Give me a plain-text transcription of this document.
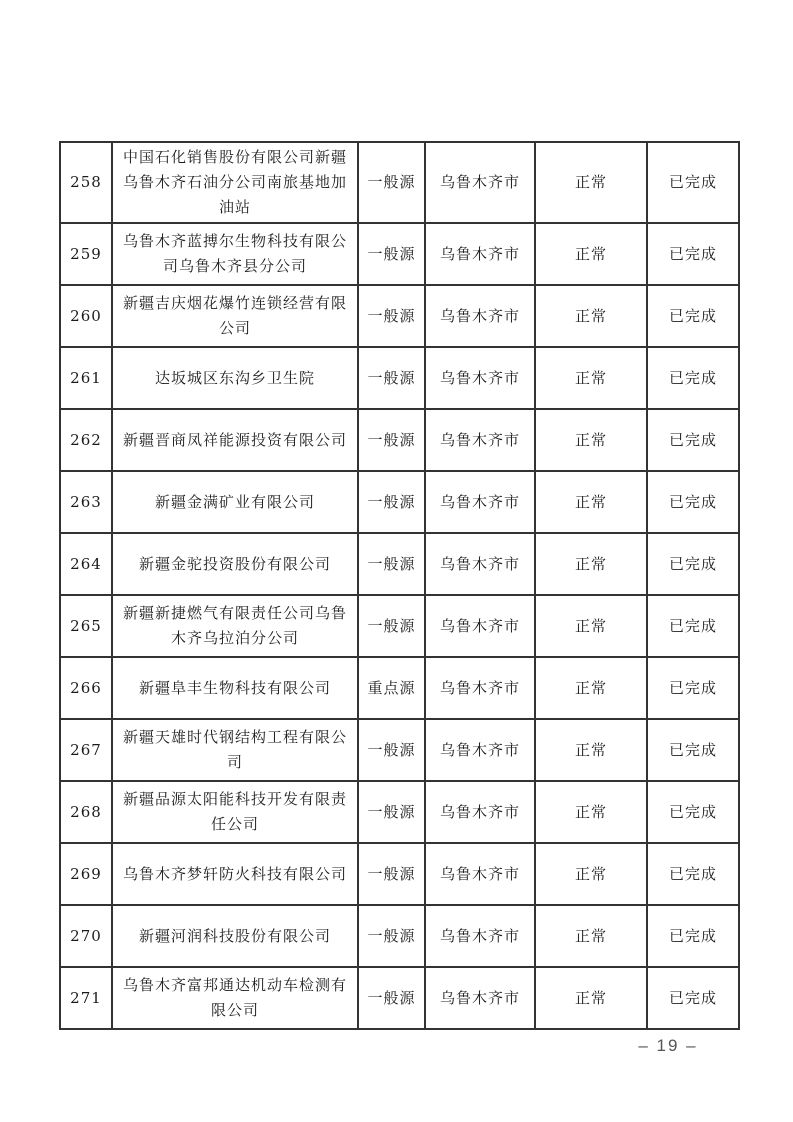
258	中国石化销售股份有限公司新疆乌鲁木齐石油分公司南旅基地加油站	一般源	乌鲁木齐市	正常	已完成
259	乌鲁木齐蓝搏尔生物科技有限公司乌鲁木齐县分公司	一般源	乌鲁木齐市	正常	已完成
260	新疆吉庆烟花爆竹连锁经营有限公司	一般源	乌鲁木齐市	正常	已完成
261	达坂城区东沟乡卫生院	一般源	乌鲁木齐市	正常	已完成
262	新疆晋商凤祥能源投资有限公司	一般源	乌鲁木齐市	正常	已完成
263	新疆金满矿业有限公司	一般源	乌鲁木齐市	正常	已完成
264	新疆金驼投资股份有限公司	一般源	乌鲁木齐市	正常	已完成
265	新疆新捷燃气有限责任公司乌鲁木齐乌拉泊分公司	一般源	乌鲁木齐市	正常	已完成
266	新疆阜丰生物科技有限公司	重点源	乌鲁木齐市	正常	已完成
267	新疆天雄时代钢结构工程有限公司	一般源	乌鲁木齐市	正常	已完成
268	新疆品源太阳能科技开发有限责任公司	一般源	乌鲁木齐市	正常	已完成
269	乌鲁木齐梦轩防火科技有限公司	一般源	乌鲁木齐市	正常	已完成
270	新疆河润科技股份有限公司	一般源	乌鲁木齐市	正常	已完成
271	乌鲁木齐富邦通达机动车检测有限公司	一般源	乌鲁木齐市	正常	已完成
– 19 –
